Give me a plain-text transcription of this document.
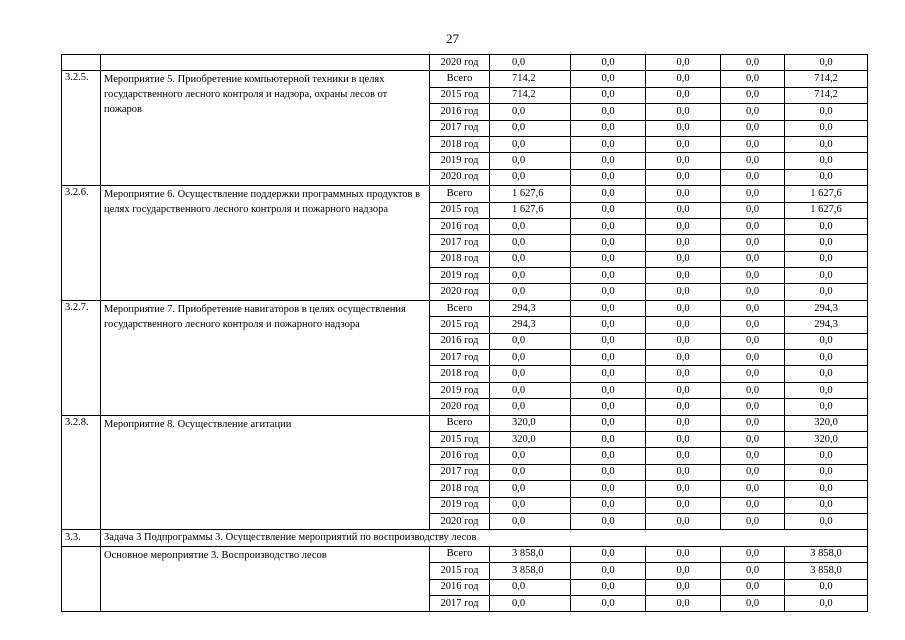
27
		2020 год	0,0	0,0	0,0	0,0	0,0
3.2.5.	Мероприятие 5. Приобретение компьютерной техники в целях государственного лесного контроля и надзора, охраны лесов от пожаров	Всего	714,2	0,0	0,0	0,0	714,2
		2015 год	714,2	0,0	0,0	0,0	714,2
		2016 год	0,0	0,0	0,0	0,0	0,0
		2017 год	0,0	0,0	0,0	0,0	0,0
		2018 год	0,0	0,0	0,0	0,0	0,0
		2019 год	0,0	0,0	0,0	0,0	0,0
		2020 год	0,0	0,0	0,0	0,0	0,0
3.2.6.	Мероприятие 6. Осуществление поддержки программных продуктов в целях государственного лесного контроля и пожарного надзора	Всего	1 627,6	0,0	0,0	0,0	1 627,6
		2015 год	1 627,6	0,0	0,0	0,0	1 627,6
		2016 год	0,0	0,0	0,0	0,0	0,0
		2017 год	0,0	0,0	0,0	0,0	0,0
		2018 год	0,0	0,0	0,0	0,0	0,0
		2019 год	0,0	0,0	0,0	0,0	0,0
		2020 год	0,0	0,0	0,0	0,0	0,0
3.2.7.	Мероприятие 7. Приобретение навигаторов в целях осуществления государственного лесного контроля и пожарного надзора	Всего	294,3	0,0	0,0	0,0	294,3
		2015 год	294,3	0,0	0,0	0,0	294,3
		2016 год	0,0	0,0	0,0	0,0	0,0
		2017 год	0,0	0,0	0,0	0,0	0,0
		2018 год	0,0	0,0	0,0	0,0	0,0
		2019 год	0,0	0,0	0,0	0,0	0,0
		2020 год	0,0	0,0	0,0	0,0	0,0
3.2.8.	Мероприятие 8. Осуществление агитации	Всего	320,0	0,0	0,0	0,0	320,0
		2015 год	320,0	0,0	0,0	0,0	320,0
		2016 год	0,0	0,0	0,0	0,0	0,0
		2017 год	0,0	0,0	0,0	0,0	0,0
		2018 год	0,0	0,0	0,0	0,0	0,0
		2019 год	0,0	0,0	0,0	0,0	0,0
		2020 год	0,0	0,0	0,0	0,0	0,0
3.3.	Задача 3 Подпрограммы 3. Осуществление мероприятий по воспроизводству лесов						
	Основное мероприятие 3. Воспроизводство лесов	Всего	3 858,0	0,0	0,0	0,0	3 858,0
		2015 год	3 858,0	0,0	0,0	0,0	3 858,0
		2016 год	0,0	0,0	0,0	0,0	0,0
		2017 год	0,0	0,0	0,0	0,0	0,0
